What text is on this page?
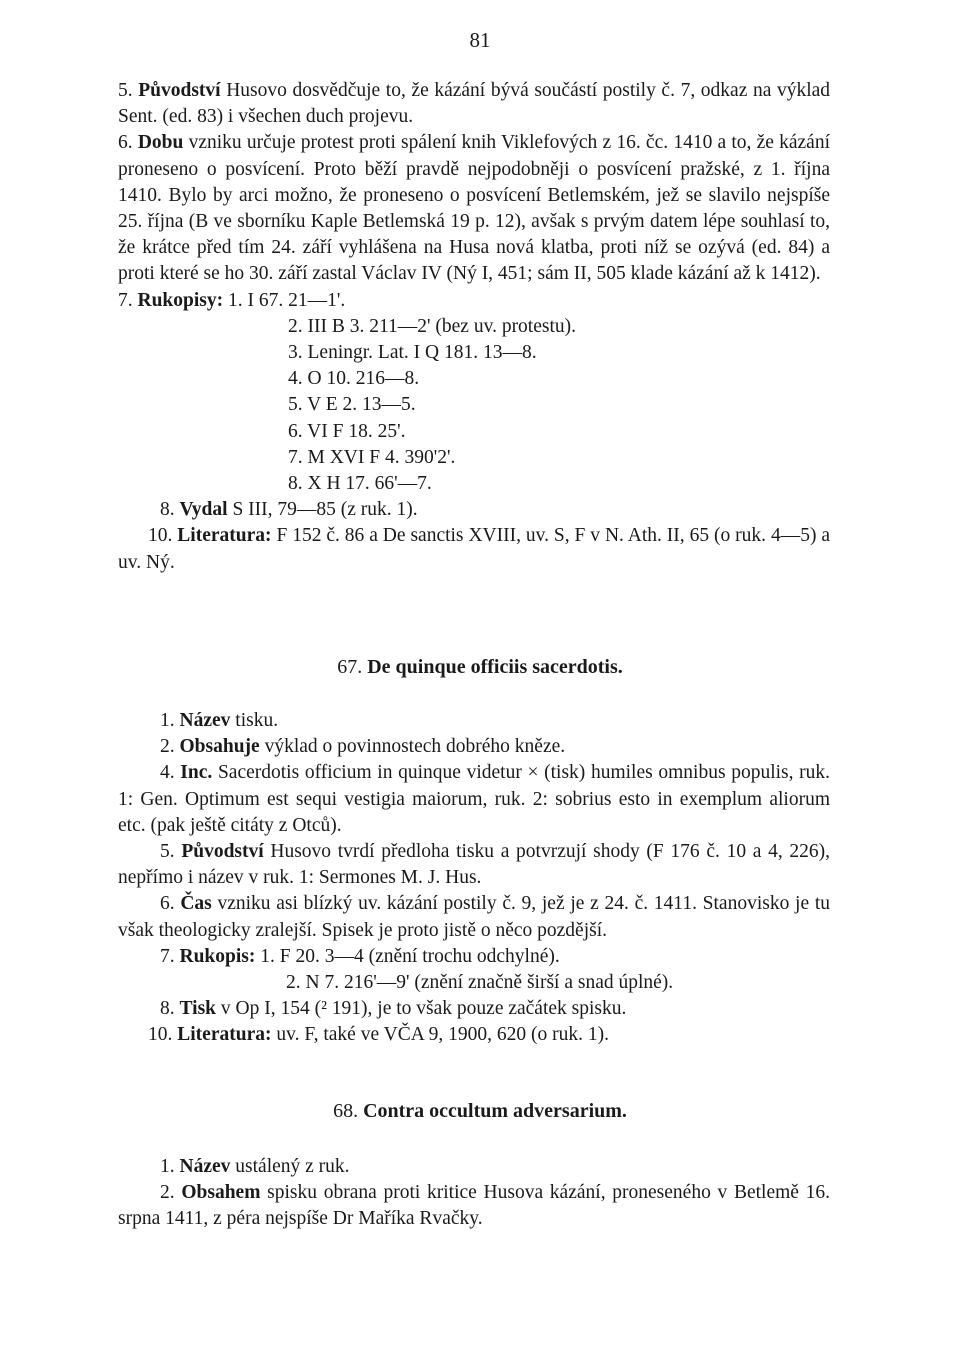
81

5. Původství Husovo dosvědčuje to, že kázání bývá součástí postily č. 7, odkaz na výklad Sent. (ed. 83) i všechen duch projevu.

6. Dobu vzniku určuje protest proti spálení knih Viklefových z 16. čc. 1410 a to, že kázání proneseno o posvícení. Proto běží pravdě nejpodobněji o posvícení pražské, z 1. října 1410. Bylo by arci možno, že proneseno o posvícení Betlemském, jež se slavilo nejspíše 25. října (B ve sborníku Kaple Betlemská 19 p. 12), avšak s prvým datem lépe souhlasí to, že krátce před tím 24. září vyhlášena na Husa nová klatba, proti níž se ozývá (ed. 84) a proti které se ho 30. září zastal Václav IV (Ný I, 451; sám II, 505 klade kázání až k 1412).

7. Rukopisy: 1. I 67. 21—1'.

2. III B 3. 211—2' (bez uv. protestu).

3. Leningr. Lat. I Q 181. 13—8.

4. O 10. 216—8.

5. V E 2. 13—5.

6. VI F 18. 25'.

7. M XVI F 4. 390'2'.

8. X H 17. 66'—7.

8. Vydal S III, 79—85 (z ruk. 1).

10. Literatura: F 152 č. 86 a De sanctis XVIII, uv. S, F v N. Ath. II, 65 (o ruk. 4—5) a uv. Ný.

67. De quinque officiis sacerdotis.

1. Název tisku.

2. Obsahuje výklad o povinnostech dobrého kněze.

4. Inc. Sacerdotis officium in quinque videtur × (tisk) humiles omnibus populis, ruk. 1: Gen. Optimum est sequi vestigia maiorum, ruk. 2: sobrius esto in exemplum aliorum etc. (pak ještě citáty z Otců).

5. Původství Husovo tvrdí předloha tisku a potvrzují shody (F 176 č. 10 a 4, 226), nepřímo i název v ruk. 1: Sermones M. J. Hus.

6. Čas vzniku asi blízký uv. kázání postily č. 9, jež je z 24. č. 1411. Stanovisko je tu však theologicky zralejší. Spisek je proto jistě o něco pozdější.

7. Rukopis: 1. F 20. 3—4 (znění trochu odchylné).

2. N 7. 216'—9' (znění značně širší a snad úplné).

8. Tisk v Op I, 154 (² 191), je to však pouze začátek spisku.

10. Literatura: uv. F, také ve VČA 9, 1900, 620 (o ruk. 1).

68. Contra occultum adversarium.

1. Název ustálený z ruk.

2. Obsahem spisku obrana proti kritice Husova kázání, proneseného v Betlemě 16. srpna 1411, z péra nejspíše Dr Maříka Rvačky.
